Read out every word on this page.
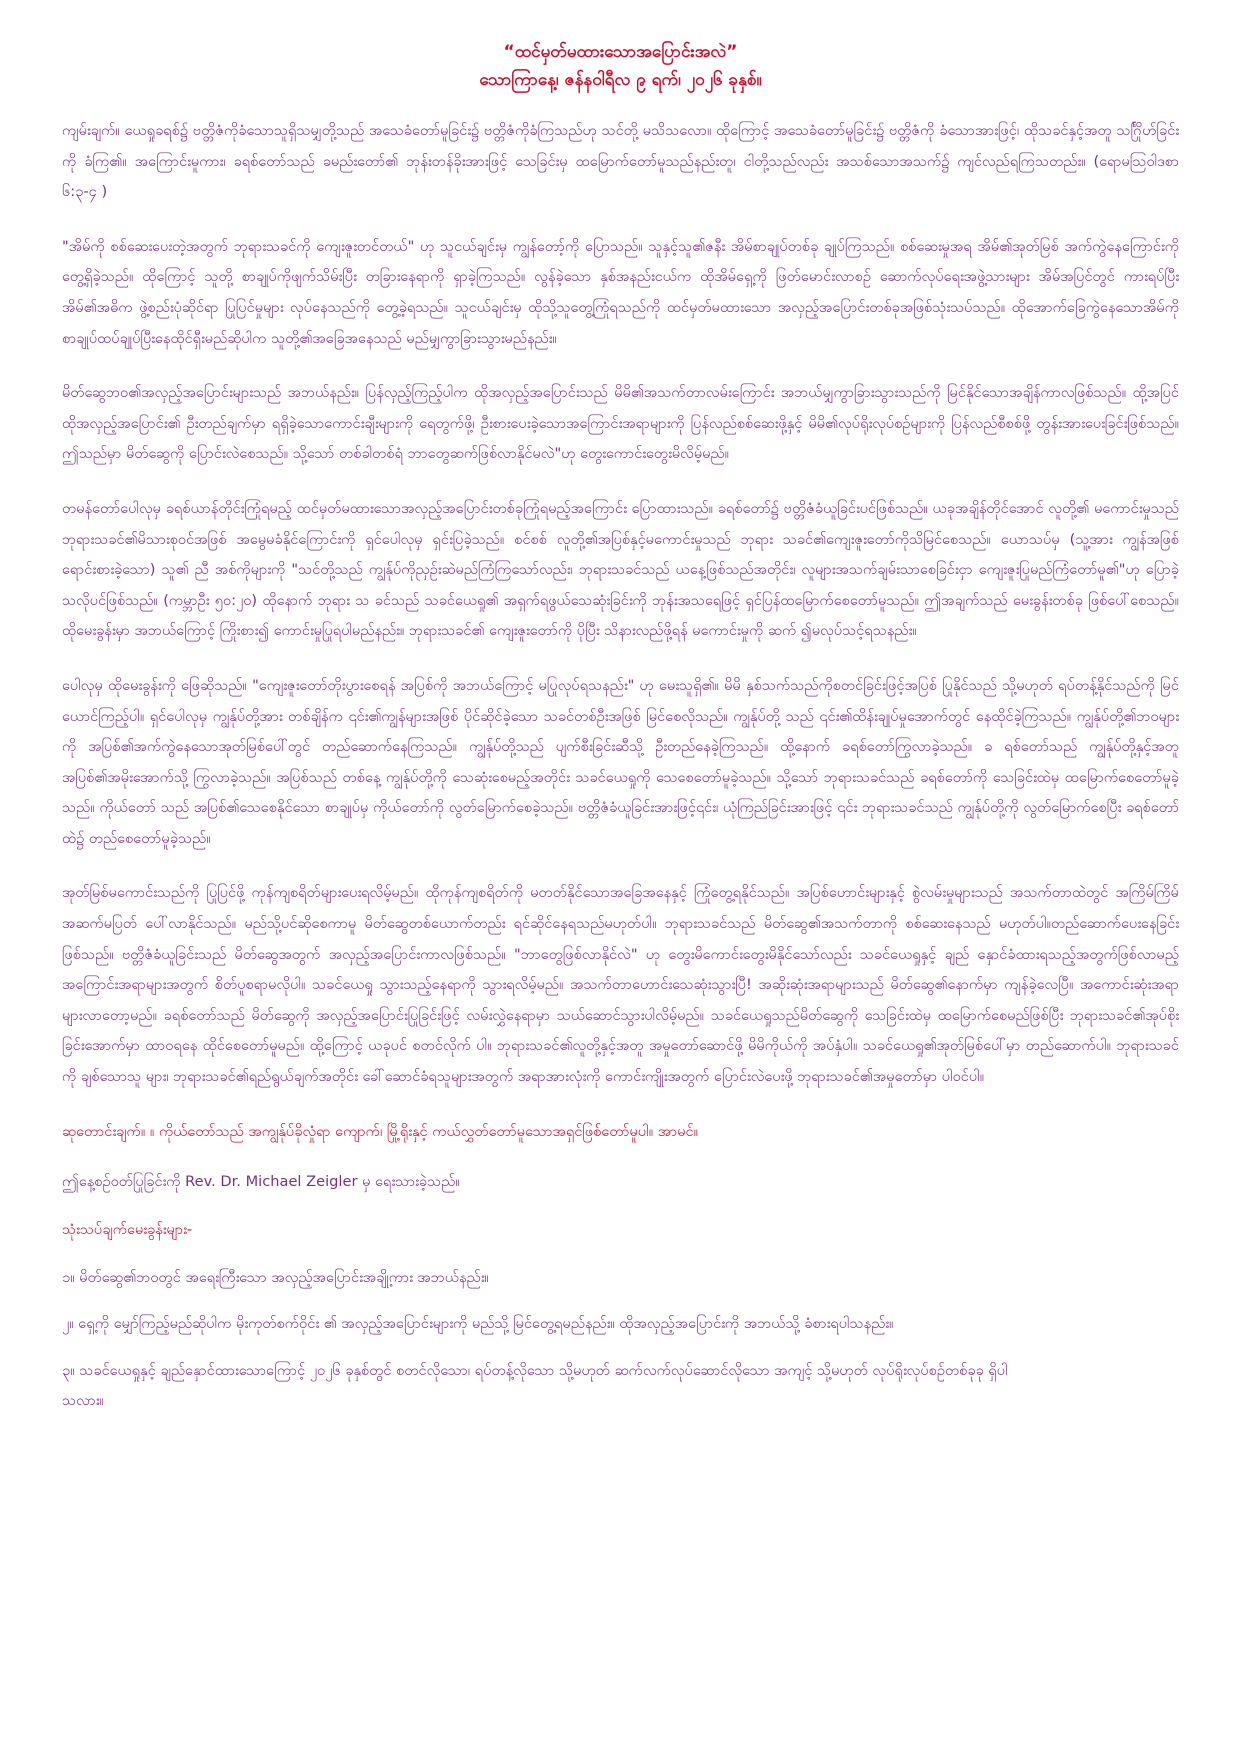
“ထင်မှတ်မထားသောအပြောင်းအလဲ”

သောကြာနေ့၊ ဇန်နဝါရီလ ၉ ရက်၊ ၂၀၂၆ ခုနှစ်။

ကျမ်းချက်။ ယေရှုခရစ်၌ ဗတ္တိဇံကိုခံသောသူရှိသမျှတို့သည် အသေခံတော်မူခြင်း၌ ဗတ္တိဇံကိုခံကြသည်ဟု သင်တို့ မသိသလော။ ထိုကြောင့် အသေခံတော်မူခြင်း၌ ဗတ္တိဇံကို ခံသောအားဖြင့်၊ ထိုသခင်နှင့်အတူ သင်္ဂြိုဟ်ခြင်းကို ခံကြ၏။ အကြောင်းမူကား၊ ခရစ်တော်သည် ခမည်းတော်၏ ဘုန်းတန်ခိုးအားဖြင့် သေခြင်းမှ ထမြောက်တော်မူသည်နည်းတူ၊ ငါတို့သည်လည်း အသစ်သောအသက်၌ ကျင်လည်ရကြသတည်း။ (ရောမသြဝါဒစာ ၆:၃-၄ )

"အိမ်ကို စစ်ဆေးပေးတဲ့အတွက် ဘုရားသခင်ကို ကျေးဇူးတင်တယ်" ဟု သူငယ်ချင်းမှ ကျွန်တော့်ကို ပြောသည်။ သူနှင့်သူ၏ဇနီး အိမ်စာချုပ်တစ်ခု ချုပ်ကြသည်။ စစ်ဆေးမှုအရ အိမ်၏အုတ်မြစ် အက်ကွဲနေကြောင်းကို တွေ့ရှိခဲ့သည်။ ထိုကြောင့် သူတို့ စာချုပ်ကိုဖျက်သိမ်းပြီး တခြားနေရာကို ရှာခဲ့ကြသည်။ လွန်ခဲ့သော နှစ်အနည်းငယ်က ထိုအိမ်ရှေ့ကို ဖြတ်မောင်းလာစဉ် ဆောက်လုပ်ရေးအဖွဲ့သားများ အိမ်အပြင်တွင် ကားရပ်ပြီး အိမ်၏အဓိက ဖွဲ့စည်းပုံဆိုင်ရာ ပြုပြင်မှုများ လုပ်နေသည်ကို တွေ့ခဲ့ရသည်။ သူငယ်ချင်းမှ ထိုသို့သူတွေ့ကြုံရသည်ကို ထင်မှတ်မထားသော အလှည့်အပြောင်းတစ်ခုအဖြစ်သုံးသပ်သည်။ ထိုအောက်ခြေကွဲနေသောအိမ်ကို စာချုပ်ထပ်ချုပ်ပြီးနေထိုင်ရှီးမည်ဆိုပါက သူတို့၏အခြေအနေသည် မည်မျှကွာခြားသွားမည်နည်း။

မိတ်ဆွေဘဝ၏အလှည့်အပြောင်းများသည် အဘယ်နည်း။ ပြန်လှည့်ကြည့်ပါက ထိုအလှည့်အပြောင်းသည် မိမိ၏အသက်တာလမ်းကြောင်း အဘယ်မျှကွာခြားသွားသည်ကို မြင်နိုင်သောအချိန်ကာလဖြစ်သည်။ ထို့အပြင် ထိုအလှည့်အပြောင်း၏ ဦးတည်ချက်မှာ ရရှိခဲ့သောကောင်းချီးများကို ရေတွက်ဖို့၊ ဦးစားပေးခဲ့သောအကြောင်းအရာများကို ပြန်လည်စစ်ဆေးဖို့နှင့် မိမိ၏လုပ်ရိုးလုပ်စဉ်များကို ပြန်လည်စီစစ်ဖို့ တွန်းအားပေးခြင်းဖြစ်သည်။ ဤသည်မှာ မိတ်ဆွေကို ပြောင်းလဲစေသည်။ သို့သော် တစ်ခါတစ်ရံ ဘာတွေဆက်ဖြစ်လာနိုင်မလဲ"ဟု တွေးကောင်းတွေးမိလိမ့်မည်။

တမန်တော်ပေါလုမှ ခရစ်ယာန်တိုင်းကြုံရမည့် ထင်မှတ်မထားသောအလှည့်အပြောင်းတစ်ခုကြုံရမည့်အကြောင်း ပြောထားသည်။ ခရစ်တော်၌ ဗတ္တိဇံခံယူခြင်းပင်ဖြစ်သည်။ ယခုအချိန်တိုင်အောင် လူတို့၏ မကောင်းမှုသည် ဘုရားသခင်၏မိသားစုဝင်အဖြစ် အမွေမခံနိုင်ကြောင်းကို ရှင်ပေါလုမှ ရှင်းပြခဲ့သည်။ စင်စစ် လူတို့၏အပြစ်နှင့်မကောင်းမှုသည် ဘုရား သခင်၏ကျေးဇူးတော်ကိုသိမြင်စေသည်။ ယောသပ်မှ (သူ့အား ကျွန်အဖြစ် ရောင်းစားခဲ့သော) သူ၏ ညီ အစ်ကိုများကို "သင်တို့သည် ကျွန်ုပ်ကိုညှဉ်းဆဲမည်ကြံကြသော်လည်း၊ ဘုရားသခင်သည် ယနေ့ဖြစ်သည်အတိုင်း၊ လူများအသက်ချမ်းသာစေခြင်းငှာ ကျေးဇူးပြုမည်ကြံတော်မူ၏"ဟု ပြောခဲ့သလိုပင်ဖြစ်သည်။ (ကမ္ဘာဦး ၅၀:၂၀) ထိုနောက် ဘုရား သ ခင်သည် သခင်ယေရှု၏ အရှက်ရဖွယ်သေဆုံးခြင်းကို ဘုန်းအသရေဖြင့် ရှင်ပြန်ထမြောက်စေတော်မူသည်။ ဤအချက်သည် မေးခွန်းတစ်ခု ဖြစ်ပေါ်စေသည်။ ထိုမေးခွန်းမှာ အဘယ်ကြောင့် ကြိုးစား၍ ကောင်းမှုပြုရပါမည်နည်း။ ဘုရားသခင်၏ ကျေးဇူးတော်ကို ပိုပြီး သိနားလည်ဖို့ရန် မကောင်းမှုကို ဆက် ၍မလုပ်သင့်ရသနည်း။

ပေါလုမှ ထိုမေးခွန်းကို ဖြေဆိုသည်။ "ကျေးဇူးတော်တိုးပွားစေရန် အပြစ်ကို အဘယ်ကြောင့် မပြုလုပ်ရသနည်း" ဟု မေးသူရှိ၏။ မိမိ နှစ်သက်သည်ကိုစတင်ခြင်းဖြင့်အပြစ် ပြုနိုင်သည် သို့မဟုတ် ရပ်တန့်နိုင်သည်ကို မြင်ယောင်ကြည့်ပါ။ ရှင်ပေါလုမှ ကျွန်ုပ်တို့အား တစ်ချိန်က ၎င်း၏ကျွန်များအဖြစ် ပိုင်ဆိုင်ခဲ့သော သခင်တစ်ဦးအဖြစ် မြင်စေလိုသည်။ ကျွန်ုပ်တို့ သည် ၎င်း၏ထိန်းချုပ်မှုအောက်တွင် နေထိုင်ခဲ့ကြသည်။ ကျွန်ုပ်တို့၏ဘဝများကို အပြစ်၏အက်ကွဲနေသောအုတ်မြစ်ပေါ်တွင် တည်ဆောက်နေကြသည်။ ကျွန်ုပ်တို့သည် ပျက်စီးခြင်းဆီသို့ ဦးတည်နေခဲ့ကြသည်။ ထို့နောက် ခရစ်တော်ကြွလာခဲ့သည်။ ခ ရစ်တော်သည် ကျွန်ုပ်တို့နှင့်အတူ အပြစ်၏အမိုးအောက်သို့ ကြွလာခဲ့သည်။ အပြစ်သည် တစ်နေ့ ကျွန်ုပ်တို့ကို သေဆုံးစေမည့်အတိုင်း သခင်ယေရှုကို သေစေတော်မူခဲ့သည်။ သို့သော် ဘုရားသခင်သည် ခရစ်တော်ကို သေခြင်းထဲမှ ထမြောက်စေတော်မူခဲ့သည်။ ကိုယ်တော် သည် အပြစ်၏သေစေနိုင်သော စာချုပ်မှ ကိုယ်တော်ကို လွတ်မြောက်စေခဲ့သည်။ ဗတ္တိဇံခံယူခြင်းအားဖြင့်၎င်း၊ ယုံကြည်ခြင်းအားဖြင့် ၎င်း ဘုရားသခင်သည် ကျွန်ုပ်တို့ကို လွတ်မြောက်စေပြီး ခရစ်တော်ထဲ၌ တည်စေတော်မူခဲ့သည်။

အုတ်မြစ်မကောင်းသည်ကို ပြုပြင်ဖို့ ကုန်ကျစရိတ်များပေးရလိမ့်မည်။ ထိုကုန်ကျစရိတ်ကို မတတ်နိုင်သောအခြေအနေနှင့် ကြုံတွေ့ရနိုင်သည်။ အပြစ်ဟောင်းများနှင့် စွဲလမ်းမှုများသည် အသက်တာထဲတွင် အကြိမ်ကြိမ် အဆက်မပြတ် ပေါ်လာနိုင်သည်။ မည်သို့ပင်ဆိုစေကာမူ မိတ်ဆွေတစ်ယောက်တည်း ရင်ဆိုင်နေရသည်မဟုတ်ပါ။ ဘုရားသခင်သည် မိတ်ဆွေ၏အသက်တာကို စစ်ဆေးနေသည် မဟုတ်ပါ။တည်ဆောက်ပေးနေခြင်းဖြစ်သည်။ ဗတ္တိဇံခံယူခြင်းသည် မိတ်ဆွေအတွက် အလှည့်အပြောင်းကာလဖြစ်သည်။ "ဘာတွေဖြစ်လာနိုင်လဲ" ဟု တွေးမိကောင်းတွေးမိနိုင်သော်လည်း သခင်ယေရှုနှင့် ချည် နှောင်ခံထားရသည့်အတွက်ဖြစ်လာမည့်အကြောင်းအရာများအတွက် စိတ်ပူစရာမလိုပါ။ သခင်ယေရှု သွားသည့်နေရာကို သွားရလိမ့်မည်။ အသက်တာဟောင်းသေဆုံးသွားပြီ! အဆိုးဆုံးအရာများသည် မိတ်ဆွေ၏နောက်မှာ ကျန်ခဲ့လေပြီ။ အကောင်းဆုံးအရာများလာတော့မည်။ ခရစ်တော်သည် မိတ်ဆွေကို အလှည့်အပြောင်းပြုခြင်းဖြင့် လမ်းလွှဲနေရာမှာ သယ်ဆောင်သွားပါလိမ့်မည်။ သခင်ယေရှုသည်မိတ်ဆွေကို သေခြင်းထဲမှ ထမြောက်စေမည်ဖြစ်ပြီး ဘုရားသခင်၏အုပ်စိုးခြင်းအောက်မှာ ထာဝရနေ ထိုင်စေတော်မူမည်။ ထို့ကြောင့် ယခုပင် စတင်လိုက် ပါ။ ဘုရားသခင်၏လူတို့နှင့်အတူ အမှုတော်ဆောင်ဖို့ မိမိကိုယ်ကို အပ်နှံပါ။ သခင်ယေရှု၏အုတ်မြစ်ပေါ်မှာ တည်ဆောက်ပါ။ ဘုရားသခင်ကို ချစ်သောသူ များ၊ ဘုရားသခင်၏ရည်ရွယ်ချက်အတိုင်း ခေါ်ဆောင်ခံရသူများအတွက် အရာအားလုံးကို ကောင်းကျိုးအတွက် ပြောင်းလဲပေးဖို့ ဘုရားသခင်၏အမှုတော်မှာ ပါဝင်ပါ။

ဆုတောင်းချက်။ ။ ကိုယ်တော်သည် အကျွန်ုပ်ခိုလှုံရာ ကျောက်၊ မြို့ရိုးနှင့် ကယ်လွှတ်တော်မူသောအရှင်ဖြစ်တော်မူပါ။ အာမင်။

ဤနေ့စဉ်ဝတ်ပြုခြင်းကို Rev. Dr. Michael Zeigler မှ ရေးသားခဲ့သည်။

သုံးသပ်ချက်မေးခွန်းများ-

၁။ မိတ်ဆွေ၏ဘဝတွင် အရေးကြီးသော အလှည့်အပြောင်းအချို့ကား အဘယ်နည်း။

၂။ ရှေ့ကို မျှော်ကြည့်မည်ဆိုပါက မိုးကုတ်စက်ဝိုင်း ၏ အလှည့်အပြောင်းများကို မည်သို့ မြင်တွေ့ရမည်နည်း။ ထိုအလှည့်အပြောင်းကို အဘယ်သို့ ခံစားရပါသနည်း။

၃။ သခင်ယေရှုနှင့် ချည်နှောင်ထားသောကြောင့် ၂၀၂၆ ခုနှစ်တွင် စတင်လိုသော၊ ရပ်တန့်လိုသော သို့မဟုတ် ဆက်လက်လုပ်ဆောင်လိုသော အကျင့် သို့မဟုတ် လုပ်ရိုးလုပ်စဉ်တစ်ခုခု ရှိပါသလား။
